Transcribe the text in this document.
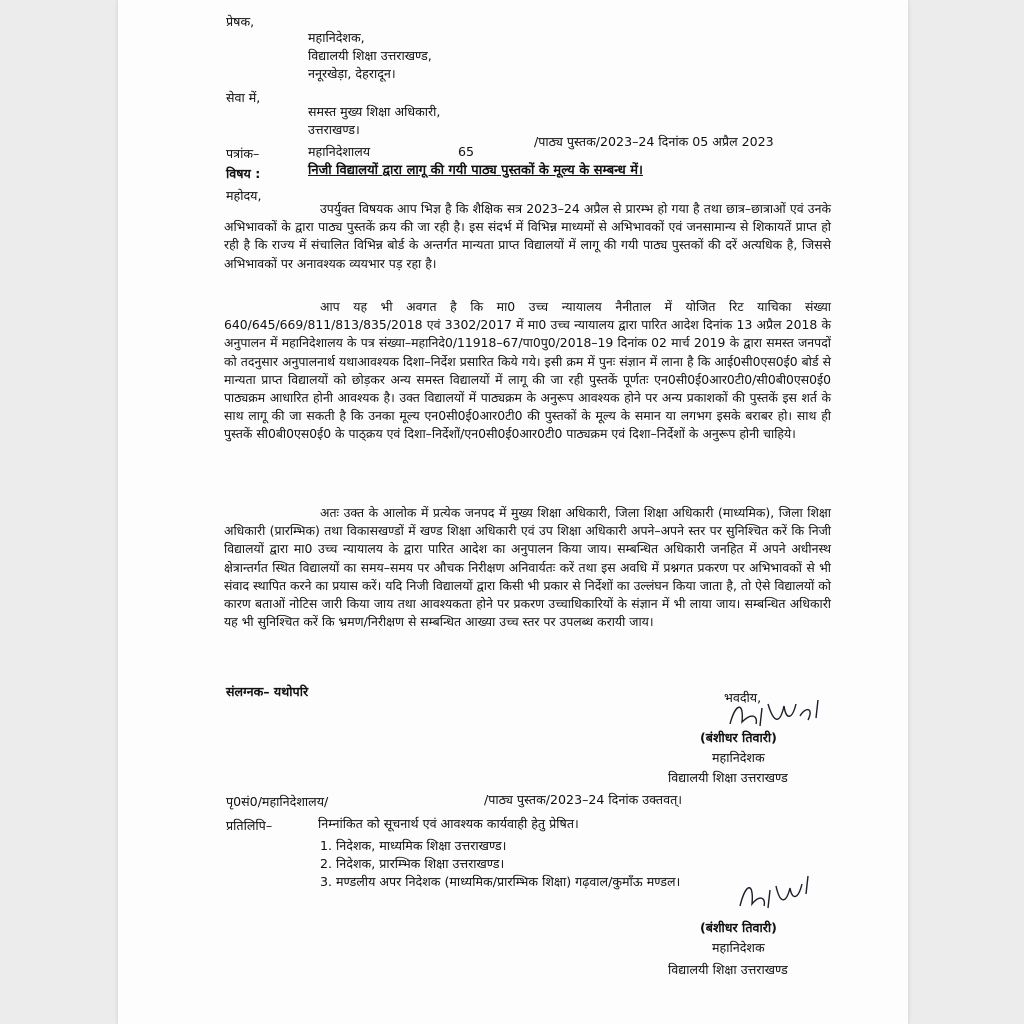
प्रेषक,
महानिदेशक,
विद्यालयी शिक्षा उत्तराखण्ड,
ननूरखेड़ा, देहरादून।
सेवा में,
समस्त मुख्य शिक्षा अधिकारी,
उत्तराखण्ड।
पत्रांक–	महानिदेशालय	65
/पाठ्य पुस्तक/2023–24 दिनांक 05 अप्रैल 2023
विषय :	निजी विद्यालयों द्वारा लागू की गयी पाठ्य पुस्तकों के मूल्य के सम्बन्ध में।
महोदय,
उपर्युक्त विषयक आप भिज्ञ है कि शैक्षिक सत्र 2023–24 अप्रैल से प्रारम्भ हो गया है तथा छात्र–छात्राओं एवं उनके अभिभावकों के द्वारा पाठ्य पुस्तकें क्रय की जा रही है। इस संदर्भ में विभिन्न माध्यमों से अभिभावकों एवं जनसामान्य से शिकायतें प्राप्त हो रही है कि राज्य में संचालित विभिन्न बोर्ड के अन्तर्गत मान्यता प्राप्त विद्यालयों में लागू की गयी पाठ्य पुस्तकों की दरें अत्यधिक है, जिससे अभिभावकों पर अनावश्यक व्ययभार पड़ रहा है।
आप यह भी अवगत है कि मा0 उच्च न्यायालय नैनीताल में योजित रिट याचिका संख्या 640/645/669/811/813/835/2018 एवं 3302/2017 में मा0 उच्च न्यायालय द्वारा पारित आदेश दिनांक 13 अप्रैल 2018 के अनुपालन में महानिदेशालय के पत्र संख्या–महानिदे0/11918–67/पा0पु0/2018–19 दिनांक 02 मार्च 2019 के द्वारा समस्त जनपदों को तदनुसार अनुपालनार्थ यथाआवश्यक दिशा–निर्देश प्रसारित किये गये। इसी क्रम में पुनः संज्ञान में लाना है कि आई0सी0एस0ई0 बोर्ड से मान्यता प्राप्त विद्यालयों को छोड़कर अन्य समस्त विद्यालयों में लागू की जा रही पुस्तकें पूर्णतः एन0सी0ई0आर0टी0/सी0बी0एस0ई0 पाठ्यक्रम आधारित होनी आवश्यक है। उक्त विद्यालयों में पाठ्यक्रम के अनुरूप आवश्यक होने पर अन्य प्रकाशकों की पुस्तकें इस शर्त के साथ लागू की जा सकती है कि उनका मूल्य एन0सी0ई0आर0टी0 की पुस्तकों के मूल्य के समान या लगभग इसके बराबर हो। साथ ही पुस्तकें सी0बी0एस0ई0 के पाठ्क्रय एवं दिशा–निर्देशों/एन0सी0ई0आर0टी0 पाठ्यक्रम एवं दिशा–निर्देशों के अनुरूप होनी चाहिये।
अतः उक्त के आलोक में प्रत्येक जनपद में मुख्य शिक्षा अधिकारी, जिला शिक्षा अधिकारी (माध्यमिक), जिला शिक्षा अधिकारी (प्रारम्भिक) तथा विकासखण्डों में खण्ड शिक्षा अधिकारी एवं उप शिक्षा अधिकारी अपने–अपने स्तर पर सुनिश्चित करें कि निजी विद्यालयों द्वारा मा0 उच्च न्यायालय के द्वारा पारित आदेश का अनुपालन किया जाय। सम्बन्धित अधिकारी जनहित में अपने अधीनस्थ क्षेत्रान्तर्गत स्थित विद्यालयों का समय–समय पर औचक निरीक्षण अनिवार्यतः करें तथा इस अवधि में प्रश्नगत प्रकरण पर अभिभावकों से भी संवाद स्थापित करने का प्रयास करें। यदि निजी विद्यालयों द्वारा किसी भी प्रकार से निर्देशों का उल्लंघन किया जाता है, तो ऐसे विद्यालयों को कारण बताओं नोटिस जारी किया जाय तथा आवश्यकता होने पर प्रकरण उच्चाधिकारियों के संज्ञान में भी लाया जाय। सम्बन्धित अधिकारी यह भी सुनिश्चित करें कि भ्रमण/निरीक्षण से सम्बन्धित आख्या उच्च स्तर पर उपलब्ध करायी जाय।
संलग्नक– यथोपरि	भवदीय,
(बंशीधर तिवारी)
महानिदेशक
विद्यालयी शिक्षा उत्तराखण्ड
पृ0सं0/महानिदेशालय/	/पाठ्य पुस्तक/2023–24 दिनांक उक्तवत्।
प्रतिलिपि–	निम्नांकित को सूचनार्थ एवं आवश्यक कार्यवाही हेतु प्रेषित।
1. निदेशक, माध्यमिक शिक्षा उत्तराखण्ड।
2. निदेशक, प्रारम्भिक शिक्षा उत्तराखण्ड।
3. मण्डलीय अपर निदेशक (माध्यमिक/प्रारम्भिक शिक्षा) गढ़वाल/कुमाँऊ मण्डल।
(बंशीधर तिवारी)
महानिदेशक
विद्यालयी शिक्षा उत्तराखण्ड
